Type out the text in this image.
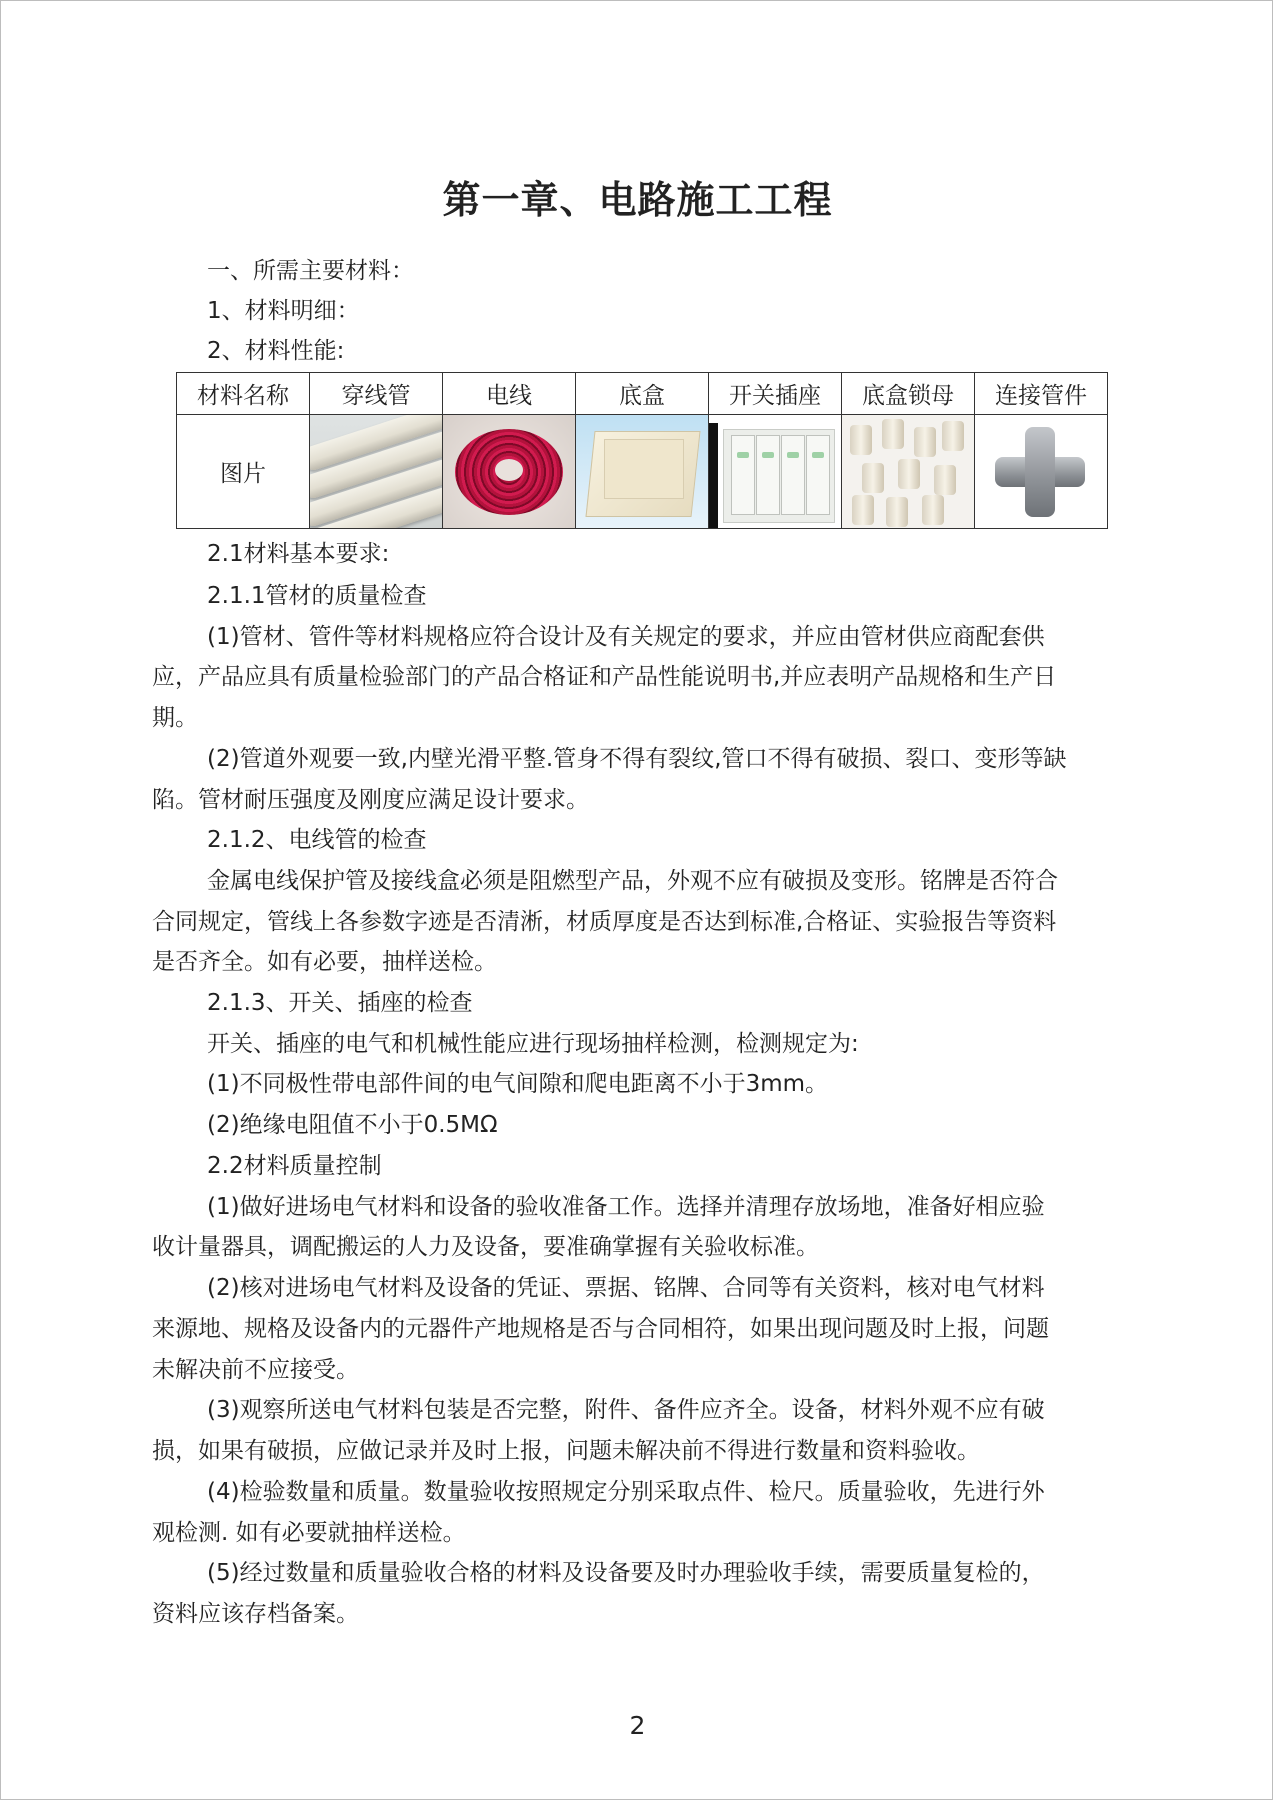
第一章、电路施工工程
一、所需主要材料：
1、材料明细：
2、材料性能:
材料名称	穿线管	电线	底盒	开关插座	底盒锁母	连接管件
图片	

2.1材料基本要求:
2.1.1管材的质量检查
(1)管材、管件等材料规格应符合设计及有关规定的要求，并应由管材供应商配套供
应，产品应具有质量检验部门的产品合格证和产品性能说明书,并应表明产品规格和生产日
期。
(2)管道外观要一致,内壁光滑平整.管身不得有裂纹,管口不得有破损、裂口、变形等缺
陷。管材耐压强度及刚度应满足设计要求。
2.1.2、电线管的检查
金属电线保护管及接线盒必须是阻燃型产品，外观不应有破损及变形。铭牌是否符合
合同规定，管线上各参数字迹是否清淅，材质厚度是否达到标准,合格证、实验报告等资料
是否齐全。如有必要，抽样送检。
2.1.3、开关、插座的检查
开关、插座的电气和机械性能应进行现场抽样检测，检测规定为:
(1)不同极性带电部件间的电气间隙和爬电距离不小于3mm。
(2)绝缘电阻值不小于0.5MΩ
2.2材料质量控制
(1)做好进场电气材料和设备的验收准备工作。选择并清理存放场地，准备好相应验
收计量器具，调配搬运的人力及设备，要准确掌握有关验收标准。
(2)核对进场电气材料及设备的凭证、票据、铭牌、合同等有关资料，核对电气材料
来源地、规格及设备内的元器件产地规格是否与合同相符，如果出现问题及时上报，问题
未解决前不应接受。
(3)观察所送电气材料包装是否完整，附件、备件应齐全。设备，材料外观不应有破
损，如果有破损，应做记录并及时上报，问题未解决前不得进行数量和资料验收。
(4)检验数量和质量。数量验收按照规定分别采取点件、检尺。质量验收，先进行外
观检测. 如有必要就抽样送检。
(5)经过数量和质量验收合格的材料及设备要及时办理验收手续，需要质量复检的，
资料应该存档备案。
2
